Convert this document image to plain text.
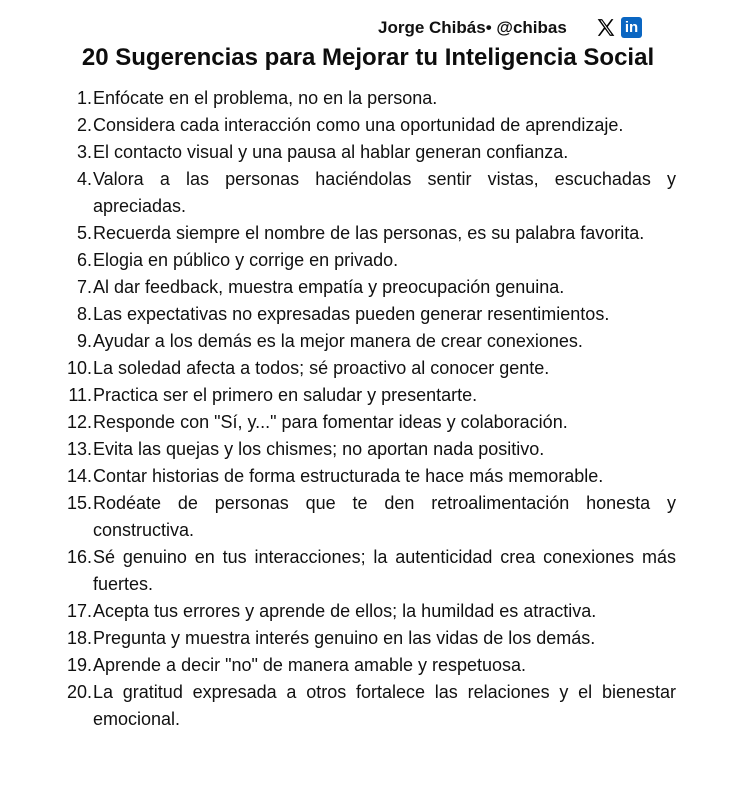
Jorge Chibás• @chibas	in
20 Sugerencias para Mejorar tu Inteligencia Social
1. Enfócate en el problema, no en la persona.
2. Considera cada interacción como una oportunidad de aprendizaje.
3. El contacto visual y una pausa al hablar generan confianza.
4. Valora a las personas haciéndolas sentir vistas, escuchadas y apreciadas.
5. Recuerda siempre el nombre de las personas, es su palabra favorita.
6. Elogia en público y corrige en privado.
7. Al dar feedback, muestra empatía y preocupación genuina.
8. Las expectativas no expresadas pueden generar resentimientos.
9. Ayudar a los demás es la mejor manera de crear conexiones.
10. La soledad afecta a todos; sé proactivo al conocer gente.
11. Practica ser el primero en saludar y presentarte.
12. Responde con "Sí, y..." para fomentar ideas y colaboración.
13. Evita las quejas y los chismes; no aportan nada positivo.
14. Contar historias de forma estructurada te hace más memorable.
15. Rodéate de personas que te den retroalimentación honesta y constructiva.
16. Sé genuino en tus interacciones; la autenticidad crea conexiones más fuertes.
17. Acepta tus errores y aprende de ellos; la humildad es atractiva.
18. Pregunta y muestra interés genuino en las vidas de los demás.
19. Aprende a decir "no" de manera amable y respetuosa.
20. La gratitud expresada a otros fortalece las relaciones y el bienestar emocional.
